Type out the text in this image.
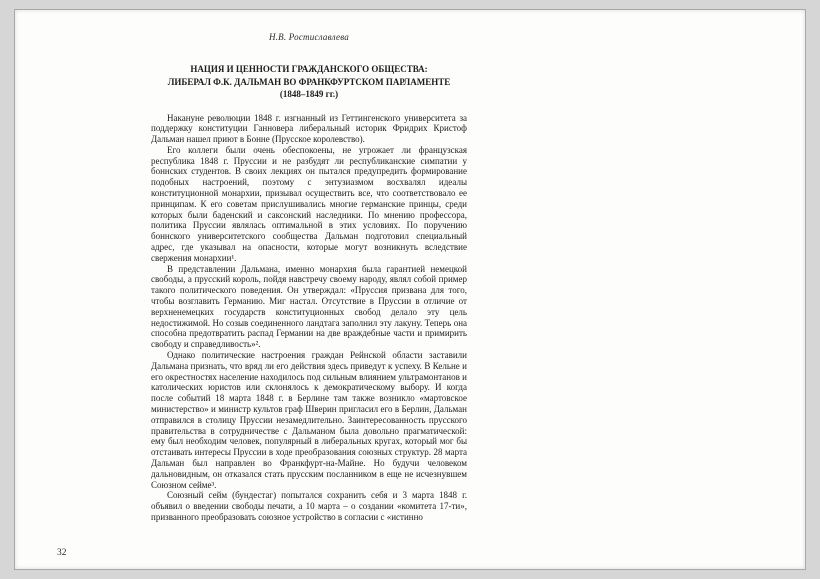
Н.В. Ростиславлева
НАЦИЯ И ЦЕННОСТИ ГРАЖДАНСКОГО ОБЩЕСТВА:
ЛИБЕРАЛ Ф.К. ДАЛЬМАН ВО ФРАНКФУРТСКОМ ПАРЛАМЕНТЕ
(1848–1849 гг.)

Накануне революции 1848 г. изгнанный из Геттингенского университета за поддержку конституции Ганновера либеральный историк Фридрих Кристоф Дальман нашел приют в Бонне (Прусское королевство).

Его коллеги были очень обеспокоены, не угрожает ли французская республика 1848 г. Пруссии и не разбудят ли республиканские симпатии у боннских студентов. В своих лекциях он пытался предупредить формирование подобных настроений, поэтому с энтузиазмом восхвалял идеалы конституционной монархии, призывал осуществить все, что соответствовало ее принципам. К его советам прислушивались многие германские принцы, среди которых были баденский и саксонский наследники. По мнению профессора, политика Пруссии являлась оптимальной в этих условиях. По поручению боннского университетского сообщества Дальман подготовил специальный адрес, где указывал на опасности, которые могут возникнуть вследствие свержения монархии¹.

В представлении Дальмана, именно монархия была гарантией немецкой свободы, а прусский король, пойдя навстречу своему народу, являл собой пример такого политического поведения. Он утверждал: «Пруссия призвана для того, чтобы возглавить Германию. Миг настал. Отсутствие в Пруссии в отличие от верхненемецких государств конституционных свобод делало эту цель недостижимой. Но созыв соединенного ландтага заполнил эту лакуну. Теперь она способна предотвратить распад Германии на две враждебные части и примирить свободу и справедливость»².

Однако политические настроения граждан Рейнской области заставили Дальмана признать, что вряд ли его действия здесь приведут к успеху. В Кельне и его окрестностях население находилось под сильным влиянием ультрамонтанов и католических юристов или склонялось к демократическому выбору. И когда после событий 18 марта 1848 г. в Берлине там также возникло «мартовское министерство» и министр культов граф Шверин пригласил его в Берлин, Дальман отправился в столицу Пруссии незамедлительно. Заинтересованность прусского правительства в сотрудничестве с Дальманом была довольно прагматической: ему был необходим человек, популярный в либеральных кругах, который мог бы отстаивать интересы Пруссии в ходе преобразования союзных структур. 28 марта Дальман был направлен во Франкфурт-на-Майне. Но будучи человеком дальновидным, он отказался стать прусским посланником в еще не исчезнувшем Союзном сейме³.

Союзный сейм (бундестаг) попытался сохранить себя и 3 марта 1848 г. объявил о введении свободы печати, а 10 марта – о создании «комитета 17-ти», призванного преобразовать союзное устройство в согласии с «истинно

32
